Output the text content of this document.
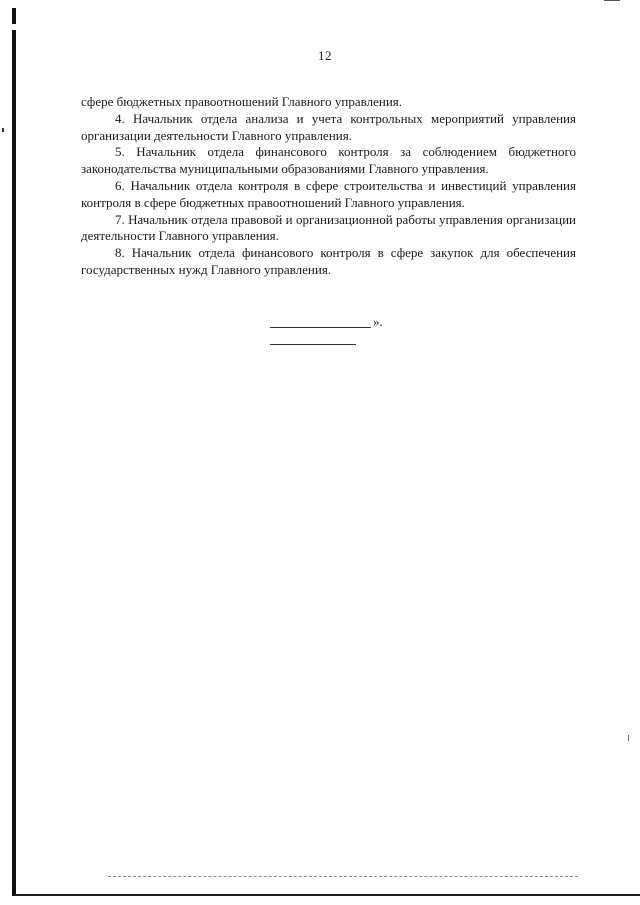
12

сфере бюджетных правоотношений Главного управления.

4. Начальник отдела анализа и учета контрольных мероприятий управления организации деятельности Главного управления.

5. Начальник отдела финансового контроля за соблюдением бюджетного законодательства муниципальными образованиями Главного управления.

6. Начальник отдела контроля в сфере строительства и инвестиций управления контроля в сфере бюджетных правоотношений Главного управления.

7. Начальник отдела правовой и организационной работы управления организации деятельности Главного управления.

8. Начальник отдела финансового контроля в сфере закупок для обеспечения государственных нужд Главного управления.

».
